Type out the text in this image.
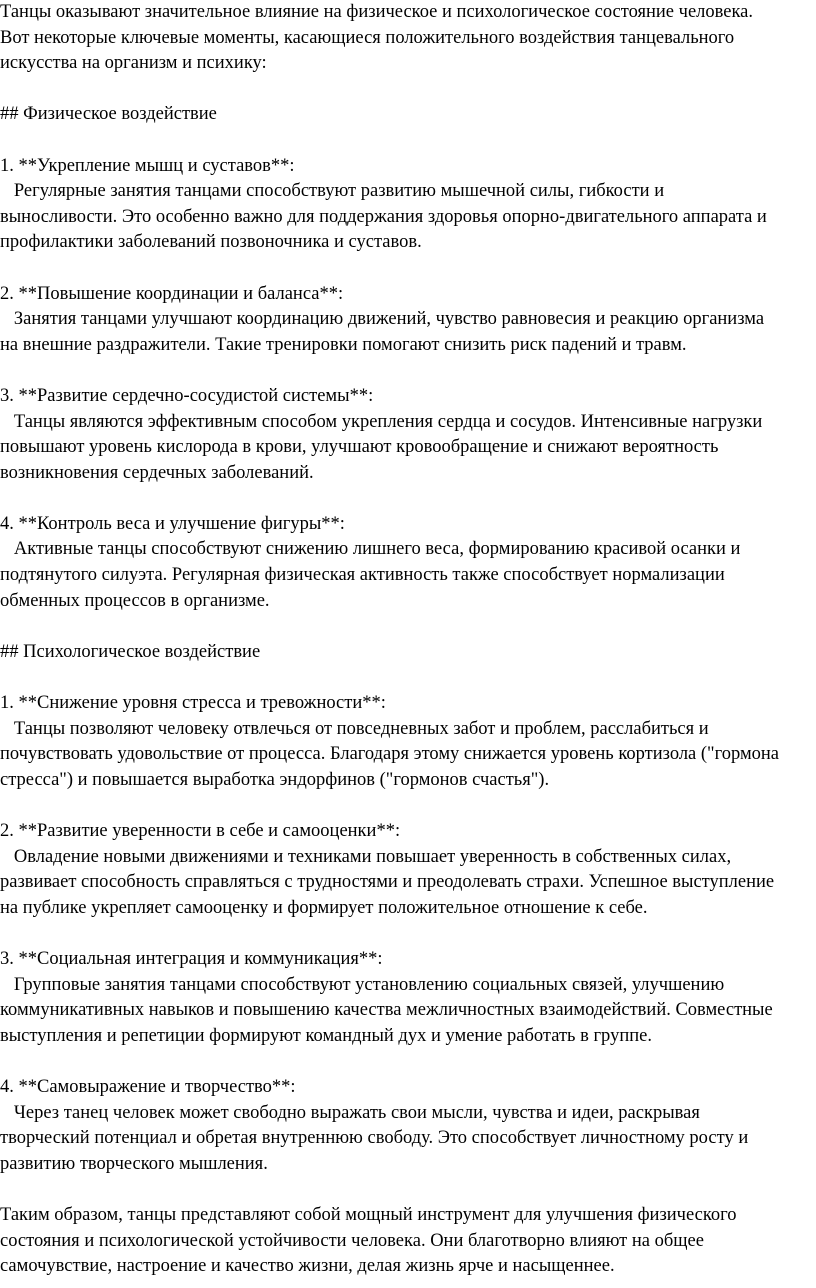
Танцы оказывают значительное влияние на физическое и психологическое состояние человека.
Вот некоторые ключевые моменты, касающиеся положительного воздействия танцевального
искусства на организм и психику:
## Физическое воздействие
1. **Укрепление мышц и суставов**:
Регулярные занятия танцами способствуют развитию мышечной силы, гибкости и
выносливости. Это особенно важно для поддержания здоровья опорно-двигательного аппарата и
профилактики заболеваний позвоночника и суставов.
2. **Повышение координации и баланса**:
Занятия танцами улучшают координацию движений, чувство равновесия и реакцию организма
на внешние раздражители. Такие тренировки помогают снизить риск падений и травм.
3. **Развитие сердечно-сосудистой системы**:
Танцы являются эффективным способом укрепления сердца и сосудов. Интенсивные нагрузки
повышают уровень кислорода в крови, улучшают кровообращение и снижают вероятность
возникновения сердечных заболеваний.
4. **Контроль веса и улучшение фигуры**:
Активные танцы способствуют снижению лишнего веса, формированию красивой осанки и
подтянутого силуэта. Регулярная физическая активность также способствует нормализации
обменных процессов в организме.
## Психологическое воздействие
1. **Снижение уровня стресса и тревожности**:
Танцы позволяют человеку отвлечься от повседневных забот и проблем, расслабиться и
почувствовать удовольствие от процесса. Благодаря этому снижается уровень кортизола ("гормона
стресса") и повышается выработка эндорфинов ("гормонов счастья").
2. **Развитие уверенности в себе и самооценки**:
Овладение новыми движениями и техниками повышает уверенность в собственных силах,
развивает способность справляться с трудностями и преодолевать страхи. Успешное выступление
на публике укрепляет самооценку и формирует положительное отношение к себе.
3. **Социальная интеграция и коммуникация**:
Групповые занятия танцами способствуют установлению социальных связей, улучшению
коммуникативных навыков и повышению качества межличностных взаимодействий. Совместные
выступления и репетиции формируют командный дух и умение работать в группе.
4. **Самовыражение и творчество**:
Через танец человек может свободно выражать свои мысли, чувства и идеи, раскрывая
творческий потенциал и обретая внутреннюю свободу. Это способствует личностному росту и
развитию творческого мышления.
Таким образом, танцы представляют собой мощный инструмент для улучшения физического
состояния и психологической устойчивости человека. Они благотворно влияют на общее
самочувствие, настроение и качество жизни, делая жизнь ярче и насыщеннее.
